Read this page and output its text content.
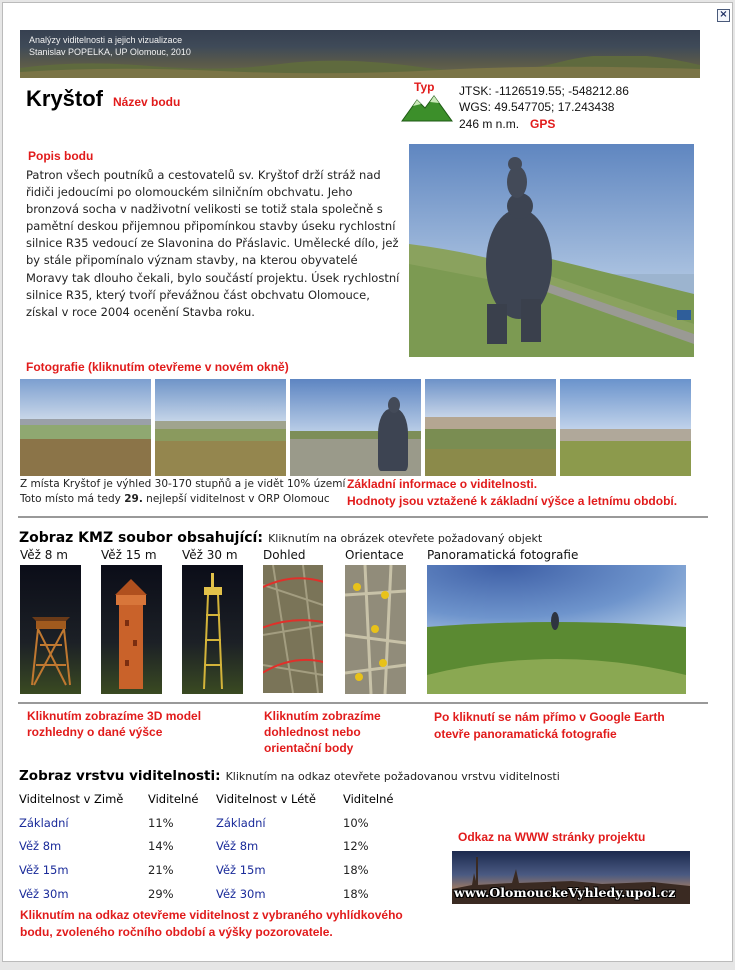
×
Analýzy viditelnosti a jejich vizualizace
Stanislav POPELKA, UP Olomouc, 2010
Kryštof Název bodu
Typ JTSK: -1126519.55; -548212.86
WGS: 49.547705; 17.243438
246 m n.m. GPS
Popis bodu
Patron všech poutníků a cestovatelů sv. Kryštof drží stráž nad řidiči jedoucími po olomouckém silničním obchvatu. Jeho bronzová socha v nadživotní velikosti se totiž stala společně s pamětní deskou přijemnou připomínkou stavby úseku rychlostní silnice R35 vedoucí ze Slavonina do Přáslavic. Umělecké dílo, jež by stále připomínalo význam stavby, na kterou obyvatelé Moravy tak dlouho čekali, bylo součástí projektu. Úsek rychlostní silnice R35, který tvoří převážnou část obchvatu Olomouce, získal v roce 2004 ocenění Stavba roku.
Fotografie (kliknutím otevřeme v novém okně)
Z místa Kryštof je výhled 30-170 stupňů a je vidět 10% území
Toto místo má tedy 29. nejlepší viditelnost v ORP Olomouc
Základní informace o viditelnosti.
Hodnoty jsou vztažené k základní výšce a letnímu období.
Zobraz KMZ soubor obsahující: Kliknutím na obrázek otevřete požadovaný objekt
Věž 8 m	Věž 15 m Věž 30 m Dohled	Orientace Panoramatická fotografie
Kliknutím zobrazíme 3D model
rozhledny o dané výšce
Kliknutím zobrazíme
dohlednost nebo
orientační body
Po kliknutí se nám přímo v Google Earth
otevře panoramatická fotografie
Zobraz vrstvu viditelnosti: Kliknutím na odkaz otevřete požadovanou vrstvu viditelnosti
Viditelnost v Zimě Viditelné Viditelnost v Létě Viditelné
Základní	11%	Základní	10%
Věž 8m	14%	Věž 8m	12%
Věž 15m	21%	Věž 15m	18%
Věž 30m	29%	Věž 30m	18%
Kliknutím na odkaz otevřeme viditelnost z vybraného vyhlídkového
bodu, zvoleného ročního období a výšky pozorovatele.
Odkaz na WWW stránky projektu
www.OlomouckeVyhledy.upol.cz
